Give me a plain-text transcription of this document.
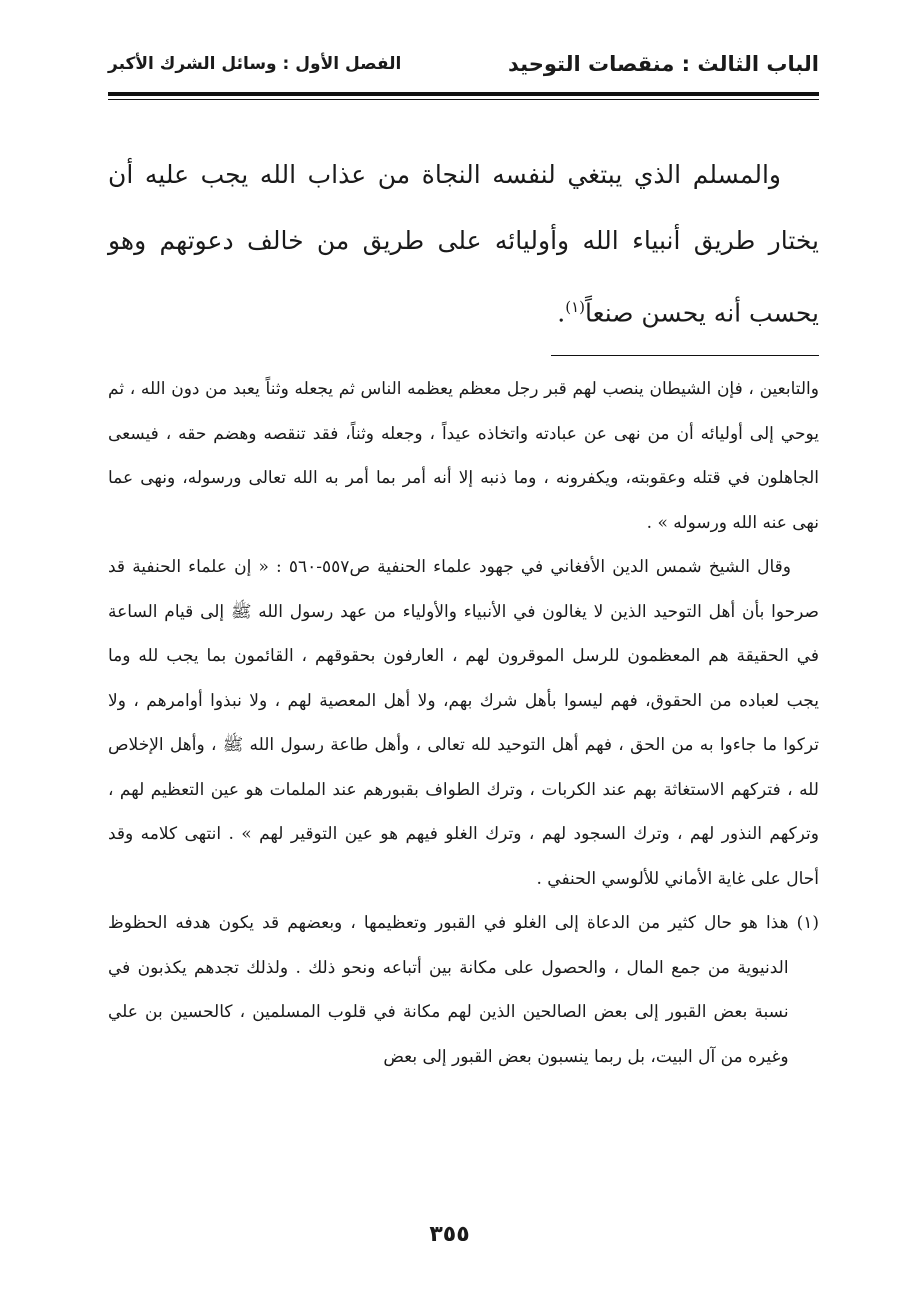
الباب الثالث : منقصات التوحيد
الفصل الأول : وسائل الشرك الأكبر

والمسلم الذي يبتغي لنفسه النجاة من عذاب الله يجب عليه أن يختار طريق أنبياء الله وأوليائه على طريق من خالف دعوتهم وهو يحسب أنه يحسن صنعاً$^{(١)}$.

والتابعين ، فإن الشيطان ينصب لهم قبر رجل معظم يعظمه الناس ثم يجعله وثناً يعبد من دون الله ، ثم يوحي إلى أوليائه أن من نهى عن عبادته واتخاذه عيداً ، وجعله وثناً، فقد تنقصه وهضم حقه ، فيسعى الجاهلون في قتله وعقوبته، ويكفرونه ، وما ذنبه إلا أنه أمر بما أمر به الله تعالى ورسوله، ونهى عما نهى عنه الله ورسوله » .

وقال الشيخ شمس الدين الأفغاني في جهود علماء الحنفية ص٥٥٧-٥٦٠ : « إن علماء الحنفية قد صرحوا بأن أهل التوحيد الذين لا يغالون في الأنبياء والأولياء من عهد رسول الله ﷺ إلى قيام الساعة في الحقيقة هم المعظمون للرسل الموقرون لهم ، العارفون بحقوقهم ، القائمون بما يجب لله وما يجب لعباده من الحقوق، فهم ليسوا بأهل شرك بهم، ولا أهل المعصية لهم ، ولا نبذوا أوامرهم ، ولا تركوا ما جاءوا به من الحق ، فهم أهل التوحيد لله تعالى ، وأهل طاعة رسول الله ﷺ ، وأهل الإخلاص لله ، فتركهم الاستغاثة بهم عند الكربات ، وترك الطواف بقبورهم عند الملمات هو عين التعظيم لهم ، وتركهم النذور لهم ، وترك السجود لهم ، وترك الغلو فيهم هو عين التوقير لهم » . انتهى كلامه وقد أحال على غاية الأماني للألوسي الحنفي .

(١)
هذا هو حال كثير من الدعاة إلى الغلو في القبور وتعظيمها ، وبعضهم قد يكون هدفه الحظوظ الدنيوية من جمع المال ، والحصول على مكانة بين أتباعه ونحو ذلك . ولذلك تجدهم يكذبون في نسبة بعض القبور إلى بعض الصالحين الذين لهم مكانة في قلوب المسلمين ، كالحسين بن علي وغيره من آل البيت، بل ربما ينسبون بعض القبور إلى بعض
٣٥٥
